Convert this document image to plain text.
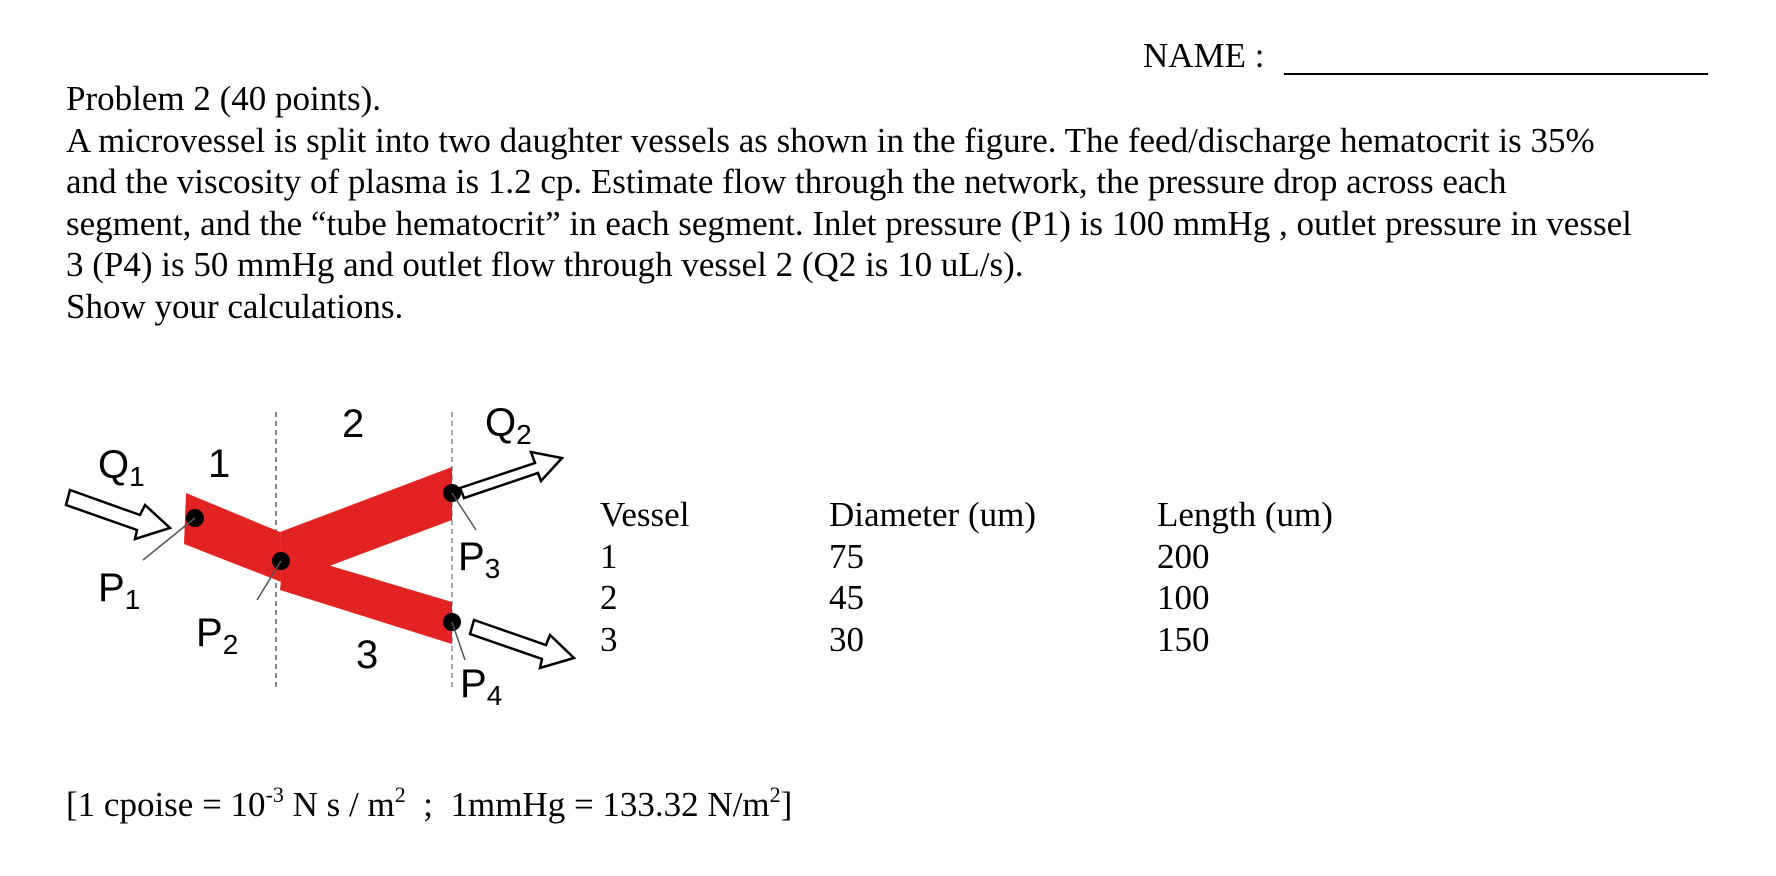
NAME :
Problem 2 (40 points).
A microvessel is split into two daughter vessels as shown in the figure. The feed/discharge hematocrit is 35%
and the viscosity of plasma is 1.2 cp. Estimate flow through the network, the pressure drop across each
segment, and the “tube hematocrit” in each segment. Inlet pressure (P1) is 100 mmHg , outlet pressure in vessel
3 (P4) is 50 mmHg and outlet flow through vessel 2 (Q2 is 10 uL/s).
Show your calculations.
$Q_1$ 1
2	$Q_2$
$P_1$
$P_2$	3
$P_3$
$P_4$
Vessel
1
2
3
Diameter (um)
75
45
30
Length (um)
200
100
150
[1 cpoise = $10^{-3}$ N s / $m^2$  ;  1mmHg = 133.32 $N/m^2$]
